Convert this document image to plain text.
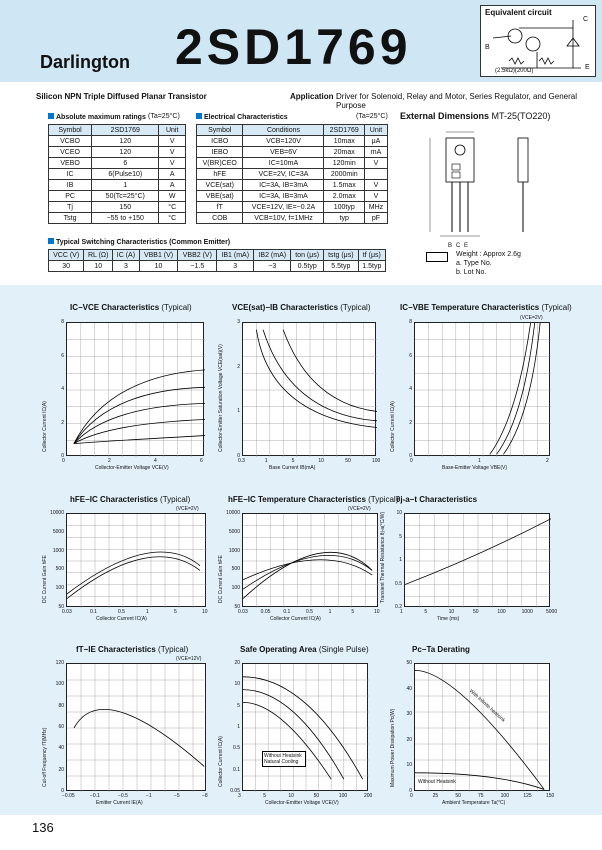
Darlington 2SD1769
Equivalent circuit
C
B
E
(2.5kΩ)(200Ω)
Silicon NPN Triple Diffused Planar Transistor	Application :
Driver for Solenoid, Relay and Motor, Series Regulator, and General Purpose
Absolute maximum ratings (Ta=25°C)
Symbol	2SD1769	Unit
VCBO	120	V
VCEO	120	V
VEBO	6	V
IC	6(Pulse10)	A
IB	1	A
PC	50(Tc=25°C)	W
Tj	150	°C
Tstg	−55 to +150	°C
Electrical Characteristics	(Ta=25°C)
Symbol	Conditions	2SD1769	Unit
ICBO	VCB=120V	10max	μA
IEBO	VEB=6V	20max	mA
V(BR)CEO	IC=10mA	120min	V
hFE	VCE=2V, IC=3A	2000min	
VCE(sat)	IC=3A, IB=3mA	1.5max	V
VBE(sat)	IC=3A, IB=3mA	2.0max	V
fT	VCE=12V, IE=−0.2A	100typ	MHz
COB	VCB=10V, f=1MHz	typ	pF
Typical Switching Characteristics (Common Emitter)
VCC (V)	RL (Ω)	IC (A)	VBB1 (V)	VBB2 (V)	IB1 (mA)	IB2 (mA)	ton (μs)	tstg (μs)	tf (μs)
30	10	3	10	−1.5	3	−3	0.5typ	5.5typ	1.5typ
External Dimensions MT-25(TO220)
B C E
Weight : Approx 2.6g
a. Type No.
b. Lot No.
IC−VCE Characteristics (Typical)
0	2	4	6
0
2
4
6
8
Collector-Emitter Voltage VCE(V)
Collector Current IC(A)
VCE(sat)−IB Characteristics (Typical)
0.3	1	5	10	50	100
0
1
2
3
Base Current IB(mA)
Collector-Emitter Saturation Voltage VCE(sat)(V)
IC−VBE Temperature Characteristics (Typical)
(VCE=2V)
0	1	2
0
2
4
6
8
Base-Emitter Voltage VBE(V)
Collector Current IC(A)
hFE−IC Characteristics (Typical)
(VCE=2V)
0.03	0.1	0.5	1	5	10
50
100
500
1000
5000
10000
Collector Current IC(A)
DC Current Gain hFE
hFE−IC Temperature Characteristics (Typical)
(VCE=2V)
0.03	0.05	0.1	0.5	1	5	10
50
100
500
1000
5000
10000
Collector Current IC(A)
DC Current Gain hFE
θj-a−t Characteristics
1	5	10	50	100	1000	5000
0.2
0.5
1
5
10
Time (ms)
Transient Thermal Resistance θj-a(°C/W)
fT−IE Characteristics (Typical)
(VCE=12V)
−0.05	−0.1	−0.5	−1	−5	−8
0
20
40
60
80
100
120
Emitter Current IE(A)
Cut-off Frequency fT(MHz)
Safe Operating Area (Single Pulse)
3	5	10	50	100	200
0.05
0.1
0.5
1
5
10
20
Collector-Emitter Voltage VCE(V)
Collector Current IC(A)	Without Heatsink Natural Cooling
Pc−Ta Derating
0	25	50	75	100	125	150
0
10
20
30
40
50
Ambient Temperature Ta(°C)
Maximum Power Dissipation Pc(W)
With Infinite heatsink
Without Heatsink
136
